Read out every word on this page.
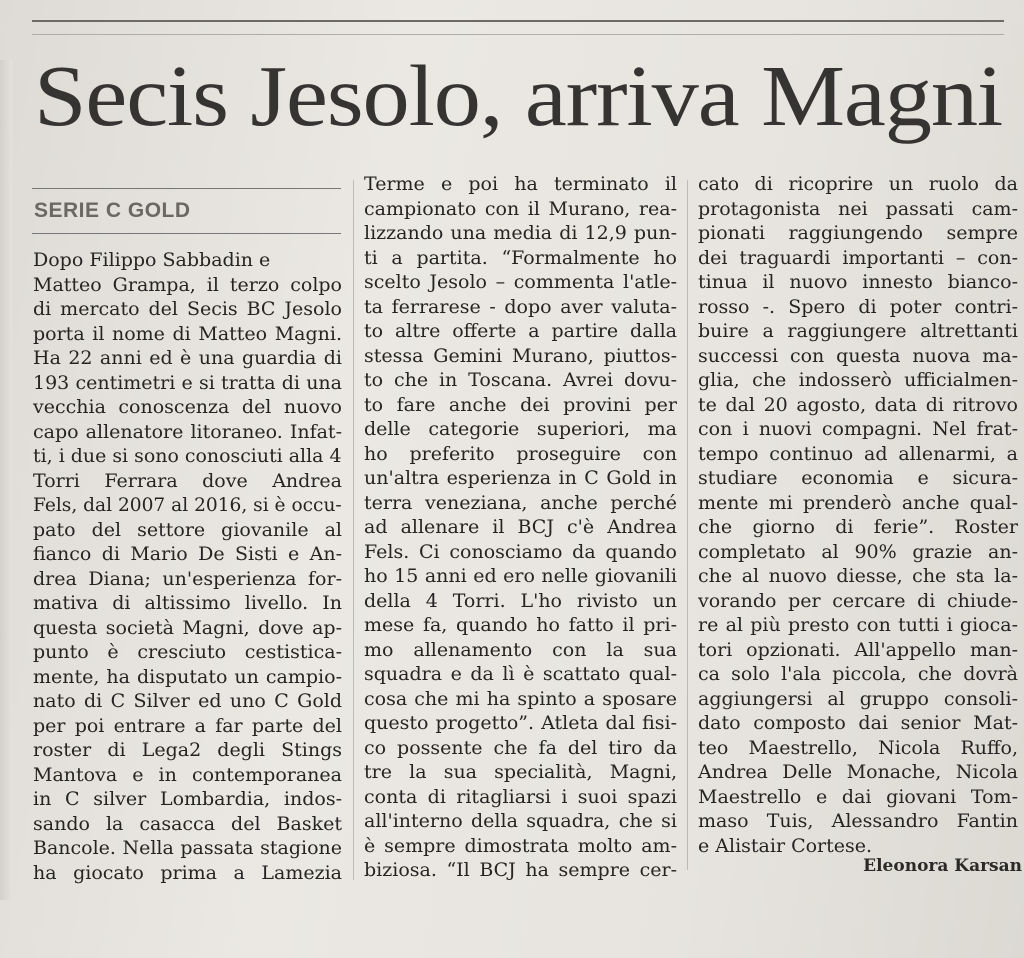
Secis Jesolo, arriva Magni
SERIE C GOLD
Dopo Filippo Sabbadin e
Matteo Grampa, il terzo colpo
di mercato del Secis BC Jesolo
porta il nome di Matteo Magni.
Ha 22 anni ed è una guardia di
193 centimetri e si tratta di una
vecchia conoscenza del nuovo
capo allenatore litoraneo. Infat-
ti, i due si sono conosciuti alla 4
Torri Ferrara dove Andrea
Fels, dal 2007 al 2016, si è occu-
pato del settore giovanile al
fianco di Mario De Sisti e An-
drea Diana; un'esperienza for-
mativa di altissimo livello. In
questa società Magni, dove ap-
punto è cresciuto cestistica-
mente, ha disputato un campio-
nato di C Silver ed uno C Gold
per poi entrare a far parte del
roster di Lega2 degli Stings
Mantova e in contemporanea
in C silver Lombardia, indos-
sando la casacca del Basket
Bancole. Nella passata stagione
ha giocato prima a Lamezia
Terme e poi ha terminato il
campionato con il Murano, rea-
lizzando una media di 12,9 pun-
ti a partita. “Formalmente ho
scelto Jesolo – commenta l'atle-
ta ferrarese - dopo aver valuta-
to altre offerte a partire dalla
stessa Gemini Murano, piuttos-
to che in Toscana. Avrei dovu-
to fare anche dei provini per
delle categorie superiori, ma
ho preferito proseguire con
un'altra esperienza in C Gold in
terra veneziana, anche perché
ad allenare il BCJ c'è Andrea
Fels. Ci conosciamo da quando
ho 15 anni ed ero nelle giovanili
della 4 Torri. L'ho rivisto un
mese fa, quando ho fatto il pri-
mo allenamento con la sua
squadra e da lì è scattato qual-
cosa che mi ha spinto a sposare
questo progetto”. Atleta dal fisi-
co possente che fa del tiro da
tre la sua specialità, Magni,
conta di ritagliarsi i suoi spazi
all'interno della squadra, che si
è sempre dimostrata molto am-
biziosa. “Il BCJ ha sempre cer-
cato di ricoprire un ruolo da
protagonista nei passati cam-
pionati raggiungendo sempre
dei traguardi importanti – con-
tinua il nuovo innesto bianco-
rosso -. Spero di poter contri-
buire a raggiungere altrettanti
successi con questa nuova ma-
glia, che indosserò ufficialmen-
te dal 20 agosto, data di ritrovo
con i nuovi compagni. Nel frat-
tempo continuo ad allenarmi, a
studiare economia e sicura-
mente mi prenderò anche qual-
che giorno di ferie”. Roster
completato al 90% grazie an-
che al nuovo diesse, che sta la-
vorando per cercare di chiude-
re al più presto con tutti i gioca-
tori opzionati. All'appello man-
ca solo l'ala piccola, che dovrà
aggiungersi al gruppo consoli-
dato composto dai senior Mat-
teo Maestrello, Nicola Ruffo,
Andrea Delle Monache, Nicola
Maestrello e dai giovani Tom-
maso Tuis, Alessandro Fantin
e Alistair Cortese.
Eleonora Karsan
